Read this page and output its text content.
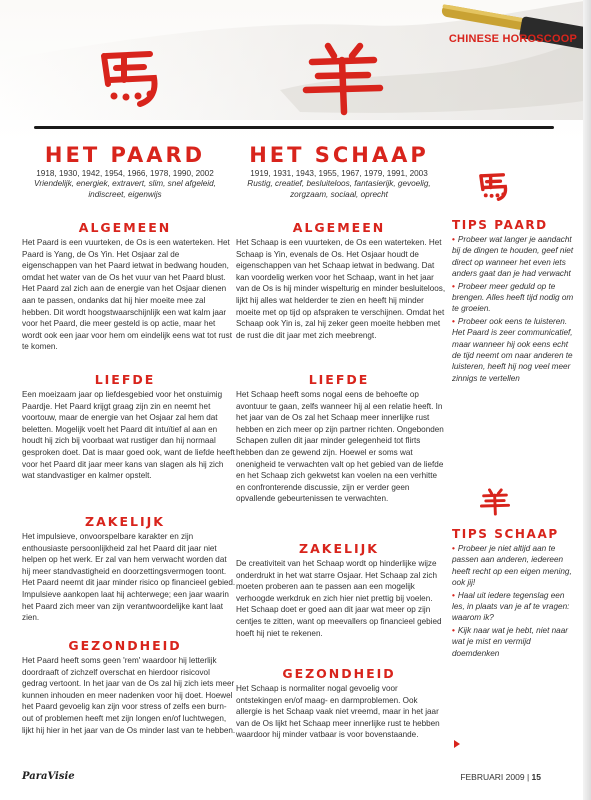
CHINESE HOROSCOOP
HET PAARD
1918, 1930, 1942, 1954, 1966, 1978, 1990, 2002
Vriendelijk, energiek, extravert, slim, snel afgeleid, indiscreet, eigenwijs
ALGEMEEN
Het Paard is een vuurteken, de Os is een waterteken. Het Paard is Yang, de Os Yin. Het Osjaar zal de eigenschappen van het Paard ietwat in bedwang houden, omdat het water van de Os het vuur van het Paard blust. Het Paard zal zich aan de energie van het Osjaar dienen aan te passen, ondanks dat hij hier moeite mee zal hebben. Dit wordt hoogstwaarschijnlijk een wat kalm jaar voor het Paard, die meer gesteld is op actie, maar het wordt ook een jaar voor hem om eindelijk eens wat tot rust te komen.
LIEFDE
Een moeizaam jaar op liefdesgebied voor het onstuimig Paardje. Het Paard krijgt graag zijn zin en neemt het voortouw, maar de energie van het Osjaar zal hem dat beletten. Mogelijk voelt het Paard dit intuïtief al aan en houdt hij zich bij voorbaat wat rustiger dan hij normaal gesproken doet. Dat is maar goed ook, want de liefde heeft voor het Paard dit jaar meer kans van slagen als hij zich wat standvastiger en kalmer opstelt.
ZAKELIJK
Het impulsieve, onvoorspelbare karakter en zijn enthousiaste persoonlijkheid zal het Paard dit jaar niet helpen op het werk. Er zal van hem verwacht worden dat hij meer standvastigheid en doorzettingsvermogen toont. Het Paard neemt dit jaar minder risico op financieel gebied. Impulsieve aankopen laat hij achterwege; een jaar waarin het Paard zich meer van zijn verantwoordelijke kant laat zien.
GEZONDHEID
Het Paard heeft soms geen 'rem' waardoor hij letterlijk doordraaft of zichzelf overschat en hierdoor risicovol gedrag vertoont. In het jaar van de Os zal hij zich iets meer kunnen inhouden en meer nadenken voor hij doet. Hoewel het Paard gevoelig kan zijn voor stress of zelfs een burn-out of problemen heeft met zijn longen en/of luchtwegen, lijkt hij hier in het jaar van de Os minder last van te hebben.
HET SCHAAP
1919, 1931, 1943, 1955, 1967, 1979, 1991, 2003
Rustig, creatief, besluiteloos, fantasierijk, gevoelig, zorgzaam, sociaal, oprecht
ALGEMEEN
Het Schaap is een vuurteken, de Os een waterteken. Het Schaap is Yin, evenals de Os. Het Osjaar houdt de eigenschappen van het Schaap ietwat in bedwang. Dat kan voordelig werken voor het Schaap, want in het jaar van de Os is hij minder wispelturig en minder besluiteloos, lijkt hij alles wat helderder te zien en heeft hij minder moeite met op tijd op afspraken te verschijnen. Omdat het Schaap ook Yin is, zal hij zeker geen moeite hebben met de rust die dit jaar met zich meebrengt.
LIEFDE
Het Schaap heeft soms nogal eens de behoefte op avontuur te gaan, zelfs wanneer hij al een relatie heeft. In het jaar van de Os zal het Schaap meer innerlijke rust hebben en zich meer op zijn partner richten. Ongebonden Schapen zullen dit jaar minder gelegenheid tot flirts hebben dan ze gewend zijn. Hoewel er soms wat onenigheid te verwachten valt op het gebied van de liefde en het Schaap zich gekwetst kan voelen na een verhitte en confronterende discussie, zijn er verder geen opvallende gebeurtenissen te verwachten.
ZAKELIJK
De creativiteit van het Schaap wordt op hinderlijke wijze onderdrukt in het wat starre Osjaar. Het Schaap zal zich moeten proberen aan te passen aan een mogelijk verhoogde werkdruk en zich hier niet prettig bij voelen. Het Schaap doet er goed aan dit jaar wat meer op zijn centjes te zitten, want op meevallers op financieel gebied hoeft hij niet te rekenen.
GEZONDHEID
Het Schaap is normaliter nogal gevoelig voor ontstekingen en/of maag- en darmproblemen. Ook allergie is het Schaap vaak niet vreemd, maar in het jaar van de Os lijkt het Schaap meer innerlijke rust te hebben waardoor hij minder vatbaar is voor bovenstaande.
TIPS PAARD
• Probeer wat langer je aandacht bij de dingen te houden, geef niet direct op wanneer het even iets anders gaat dan je had verwacht
• Probeer meer geduld op te brengen. Alles heeft tijd nodig om te groeien.
• Probeer ook eens te luisteren. Het Paard is zeer communicatief, maar wanneer hij ook eens echt de tijd neemt om naar anderen te luisteren, heeft hij nog veel meer zinnigs te vertellen
TIPS SCHAAP
• Probeer je niet altijd aan te passen aan anderen, iedereen heeft recht op een eigen mening, ook jij!
• Haal uit iedere tegenslag een les, in plaats van je af te vragen: waarom ik?
• Kijk naar wat je hebt, niet naar wat je mist en vermijd doemdenken
ParaVisie	FEBRUARI 2009 | 15
